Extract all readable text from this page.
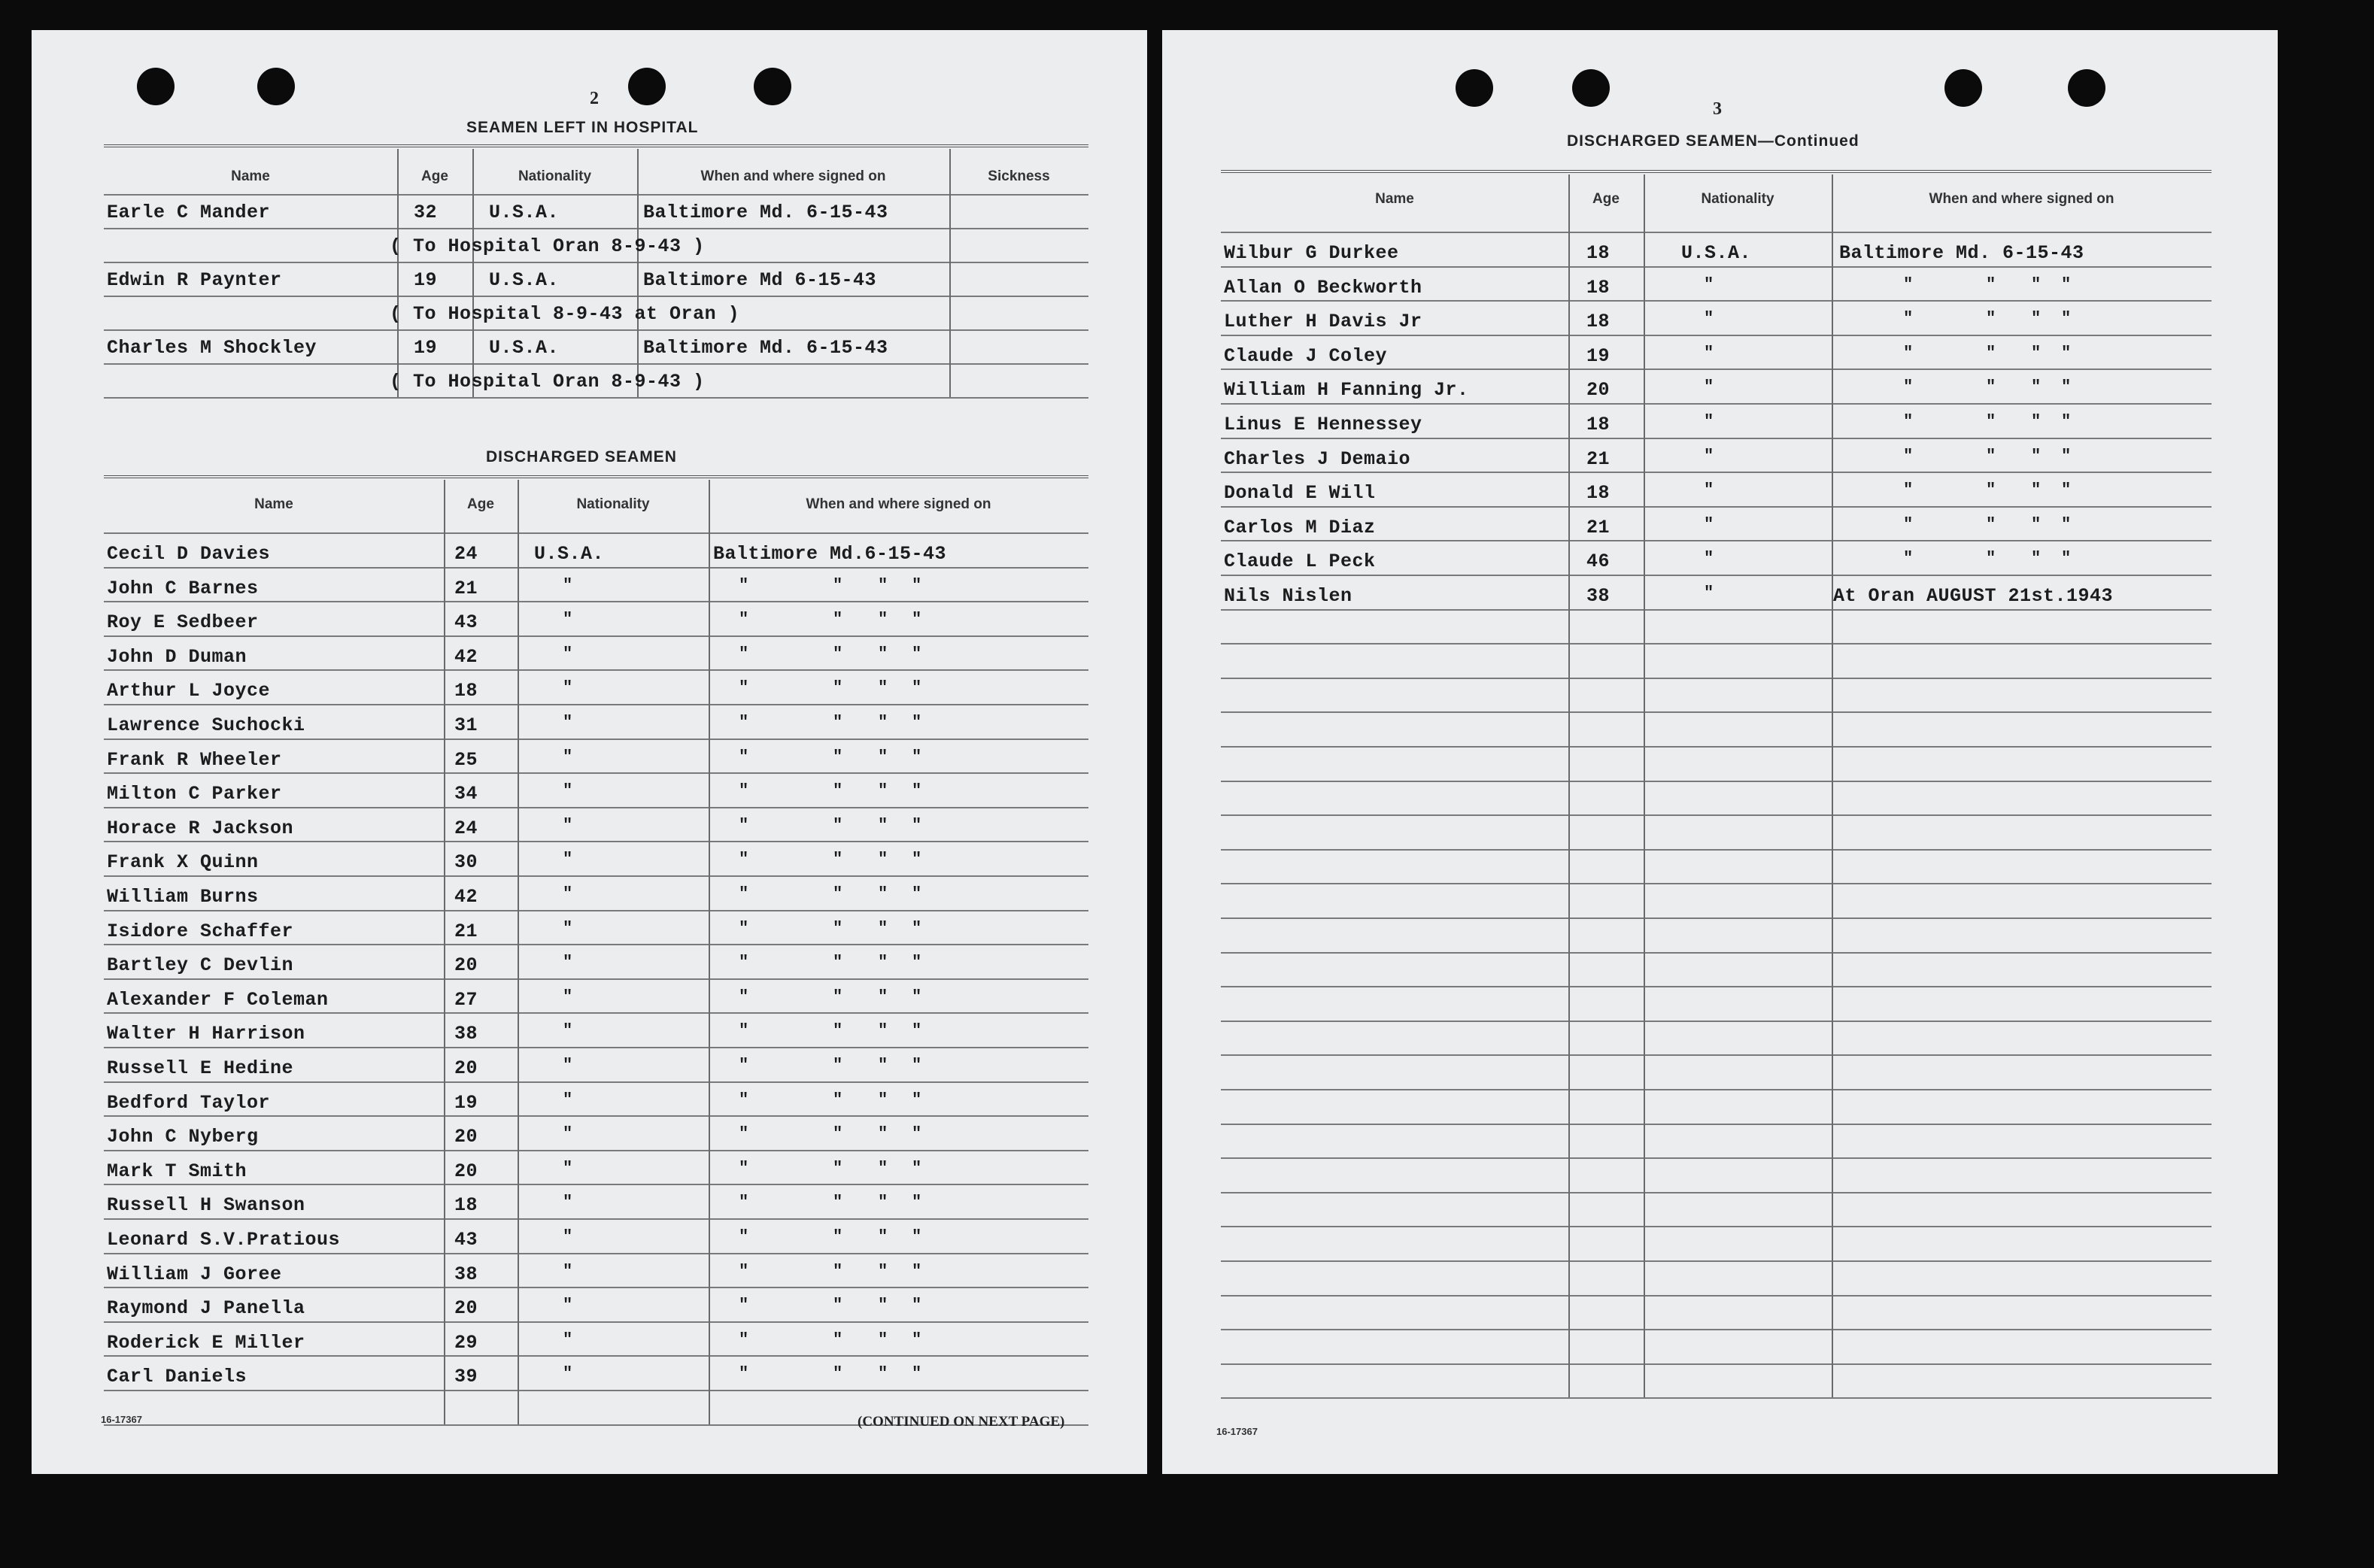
2
SEAMEN LEFT IN HOSPITAL
Name	Age	Nationality	When and where signed on	Sickness
Earle C Mander	32	U.S.A.	Baltimore Md. 6-15-43
( To Hospital Oran 8-9-43 )
Edwin R Paynter	19	U.S.A.	Baltimore Md 6-15-43
( To Hospital 8-9-43 at Oran )
Charles M Shockley	19	U.S.A.	Baltimore Md. 6-15-43
( To Hospital Oran 8-9-43 )
DISCHARGED SEAMEN
Name	Age	Nationality	When and where signed on
Cecil D Davies	24	U.S.A.	Baltimore Md.6-15-43
John C Barnes	21	"	"	" " "
Roy E Sedbeer	43	"	"	" " "
John D Duman	42	"	"	" " "
Arthur L Joyce	18	"	"	" " "
Lawrence Suchocki	31	"	"	" " "
Frank R Wheeler	25	"	"	" " "
Milton C Parker	34	"	"	" " "
Horace R Jackson	24	"	"	" " "
Frank X Quinn	30	"	"	" " "
William Burns	42	"	"	" " "
Isidore Schaffer	21	"	"	" " "
Bartley C Devlin	20	"	"	" " "
Alexander F Coleman	27	"	"	" " "
Walter H Harrison	38	"	"	" " "
Russell E Hedine	20	"	"	" " "
Bedford Taylor	19	"	"	" " "
John C Nyberg	20	"	"	" " "
Mark T Smith	20	"	"	" " "
Russell H Swanson	18	"	"	" " "
Leonard S.V.Pratious	43	"	"	" " "
William J Goree	38	"	"	" " "
Raymond J Panella	20	"	"	" " "
Roderick E Miller	29	"	"	" " "
Carl Daniels	39	"	"	" " "
16-17367	(CONTINUED ON NEXT PAGE)
3
DISCHARGED SEAMEN—Continued
Name	Age	Nationality	When and where signed on
Wilbur G Durkee	18	U.S.A.	Baltimore Md. 6-15-43
Allan O Beckworth	18	"	"	" " "
Luther H Davis Jr	18	"	"	" " "
Claude J Coley	19	"	"	" " "
William H Fanning Jr.	20	"	"	" " "
Linus E Hennessey	18	"	"	" " "
Charles J Demaio	21	"	"	" " "
Donald E Will	18	"	"	" " "
Carlos M Diaz	21	"	"	" " "
Claude L Peck	46	"	"	" " "
Nils Nislen	38	"	At Oran AUGUST 21st.1943
16-17367
